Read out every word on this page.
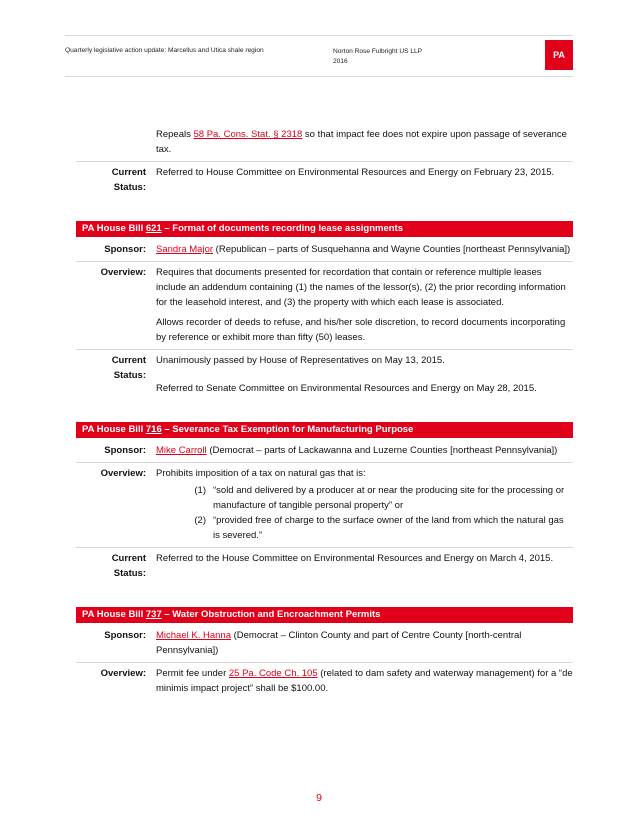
Quarterly legislative action update: Marcellus and Utica shale region	Norton Rose Fulbright US LLP
2016
PA
Repeals 58 Pa. Cons. Stat. § 2318 so that impact fee does not expire upon passage of severance tax.
Current
Status:
Referred to House Committee on Environmental Resources and Energy on February 23, 2015.
PA House Bill 621 – Format of documents recording lease assignments
Sponsor:	Sandra Major (Republican – parts of Susquehanna and Wayne Counties [northeast Pennsylvania])
Overview:	Requires that documents presented for recordation that contain or reference multiple leases include an addendum containing (1) the names of the lessor(s), (2) the prior recording information for the leasehold interest, and (3) the property with which each lease is associated.

Allows recorder of deeds to refuse, and his/her sole discretion, to record documents incorporating by reference or exhibit more than fifty (50) leases.

Current
Status:

Unanimously passed by House of Representatives on May 13, 2015.

Referred to Senate Committee on Environmental Resources and Energy on May 28, 2015.

PA House Bill 716 – Severance Tax Exemption for Manufacturing Purpose
Sponsor:	Mike Carroll (Democrat – parts of Lackawanna and Luzerne Counties [northeast Pennsylvania])
Overview:	Prohibits imposition of a tax on natural gas that is:

(1) “sold and delivered by a producer at or near the producing site for the processing or manufacture of tangible personal property” or
(2) “provided free of charge to the surface owner of the land from which the natural gas is severed.”
Current
Status:
Referred to the House Committee on Environmental Resources and Energy on March 4, 2015.
PA House Bill 737 – Water Obstruction and Encroachment Permits
Sponsor:	Michael K. Hanna (Democrat – Clinton County and part of Centre County [north-central Pennsylvania])
Overview:	Permit fee under 25 Pa. Code Ch. 105 (related to dam safety and waterway management) for a “de minimis impact project” shall be $100.00.
9
